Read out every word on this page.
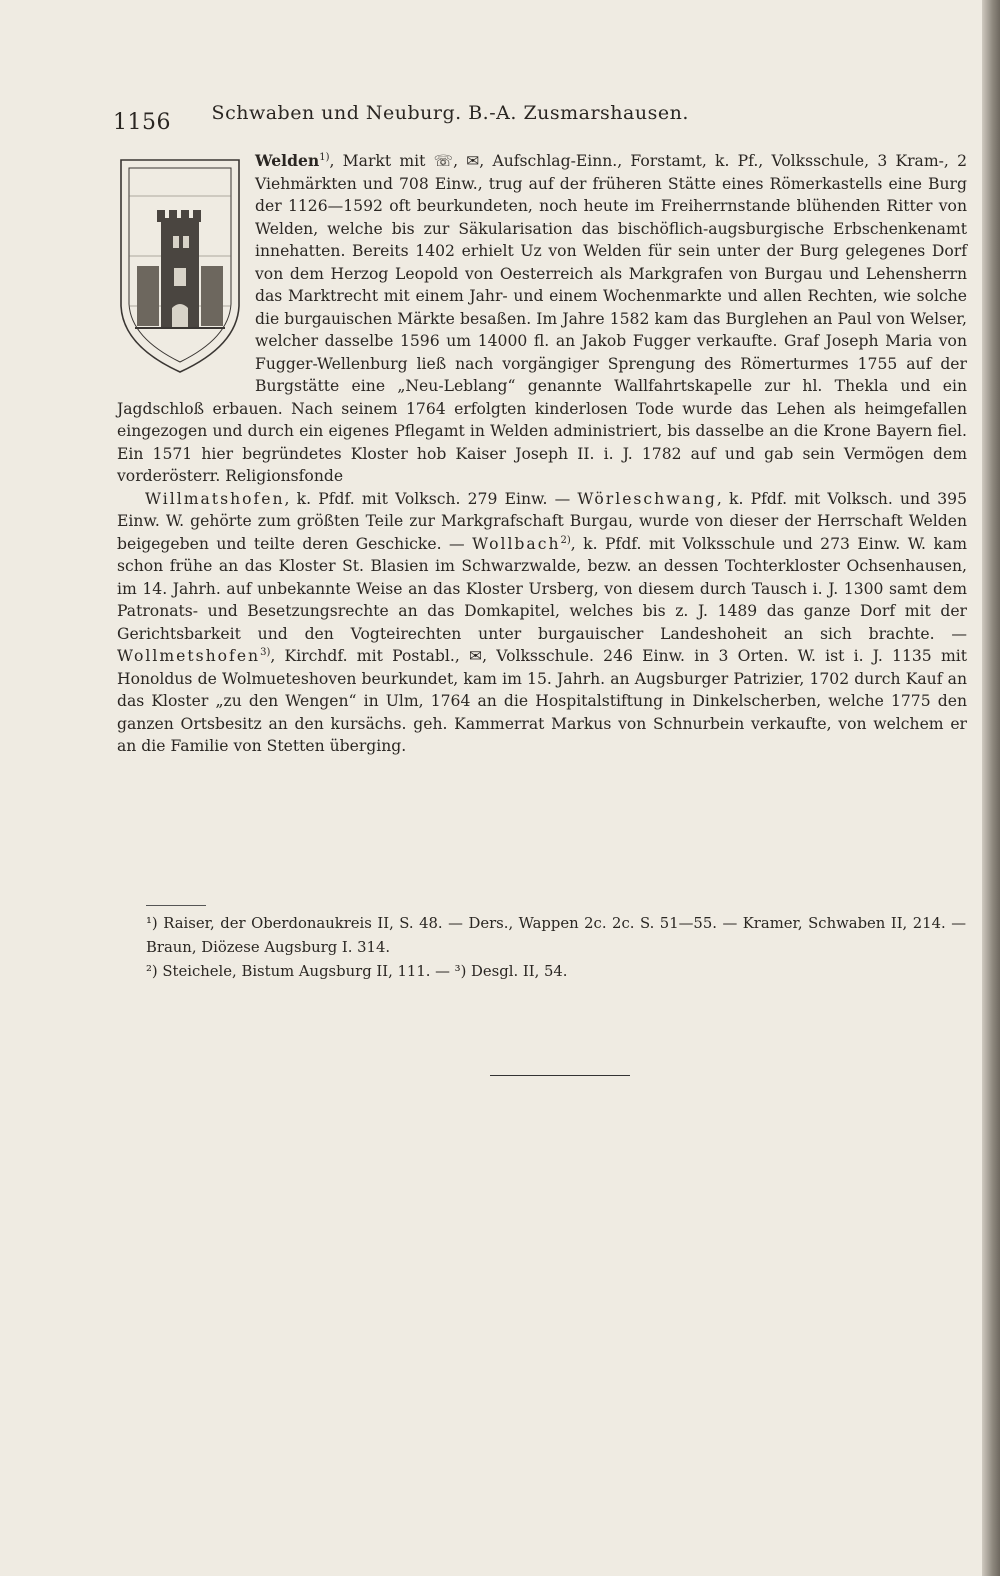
1156 Schwaben und Neuburg. B.-A. Zusmarshausen.

Welden$^{1)}$, Markt mit ☏, ✉, Aufschlag-Einn., Forstamt, k. Pf., Volksschule, 3 Kram-, 2 Viehmärkten und 708 Einw., trug auf der früheren Stätte eines Römerkastells eine Burg der 1126—1592 oft beurkundeten, noch heute im Freiherrnstande blühenden Ritter von Welden, welche bis zur Säkularisation das bischöflich-augsburgische Erbschenkenamt innehatten. Bereits 1402 erhielt Uz von Welden für sein unter der Burg gelegenes Dorf von dem Herzog Leopold von Oesterreich als Markgrafen von Burgau und Lehensherrn das Marktrecht mit einem Jahr- und einem Wochenmarkte und allen Rechten, wie solche die burgauischen Märkte besaßen. Im Jahre 1582 kam das Burglehen an Paul von Welser, welcher dasselbe 1596 um 14000 fl. an Jakob Fugger verkaufte. Graf Joseph Maria von Fugger-Wellenburg ließ nach vorgängiger Sprengung des Römerturmes 1755 auf der Burgstätte eine „Neu-Leblang“ genannte Wallfahrtskapelle zur hl. Thekla und ein Jagdschloß erbauen. Nach seinem 1764 erfolgten kinderlosen Tode wurde das Lehen als heimgefallen eingezogen und durch ein eigenes Pflegamt in Welden administriert, bis dasselbe an die Krone Bayern fiel. Ein 1571 hier begründetes Kloster hob Kaiser Joseph II. i. J. 1782 auf und gab sein Vermögen dem vorderösterr. Religionsfonde

Willmatshofen, k. Pfdf. mit Volksch. 279 Einw. — Wörleschwang, k. Pfdf. mit Volksch. und 395 Einw. W. gehörte zum größten Teile zur Markgrafschaft Burgau, wurde von dieser der Herrschaft Welden beigegeben und teilte deren Geschicke. — Wollbach$^{2)}$, k. Pfdf. mit Volksschule und 273 Einw. W. kam schon frühe an das Kloster St. Blasien im Schwarzwalde, bezw. an dessen Tochterkloster Ochsenhausen, im 14. Jahrh. auf unbekannte Weise an das Kloster Ursberg, von diesem durch Tausch i. J. 1300 samt dem Patronats- und Besetzungsrechte an das Domkapitel, welches bis z. J. 1489 das ganze Dorf mit der Gerichtsbarkeit und den Vogteirechten unter burgauischer Landeshoheit an sich brachte. — Wollmetshofen$^{3)}$, Kirchdf. mit Postabl., ✉, Volksschule. 246 Einw. in 3 Orten. W. ist i. J. 1135 mit Honoldus de Wolmueteshoven beurkundet, kam im 15. Jahrh. an Augsburger Patrizier, 1702 durch Kauf an das Kloster „zu den Wengen“ in Ulm, 1764 an die Hospitalstiftung in Dinkelscherben, welche 1775 den ganzen Ortsbesitz an den kursächs. geh. Kammerrat Markus von Schnurbein verkaufte, von welchem er an die Familie von Stetten überging.

¹) Raiser, der Oberdonaukreis II, S. 48. — Ders., Wappen 2c. 2c. S. 51—55. — Kramer, Schwaben II, 214. — Braun, Diözese Augsburg I. 314.

²) Steichele, Bistum Augsburg II, 111. — ³) Desgl. II, 54.
